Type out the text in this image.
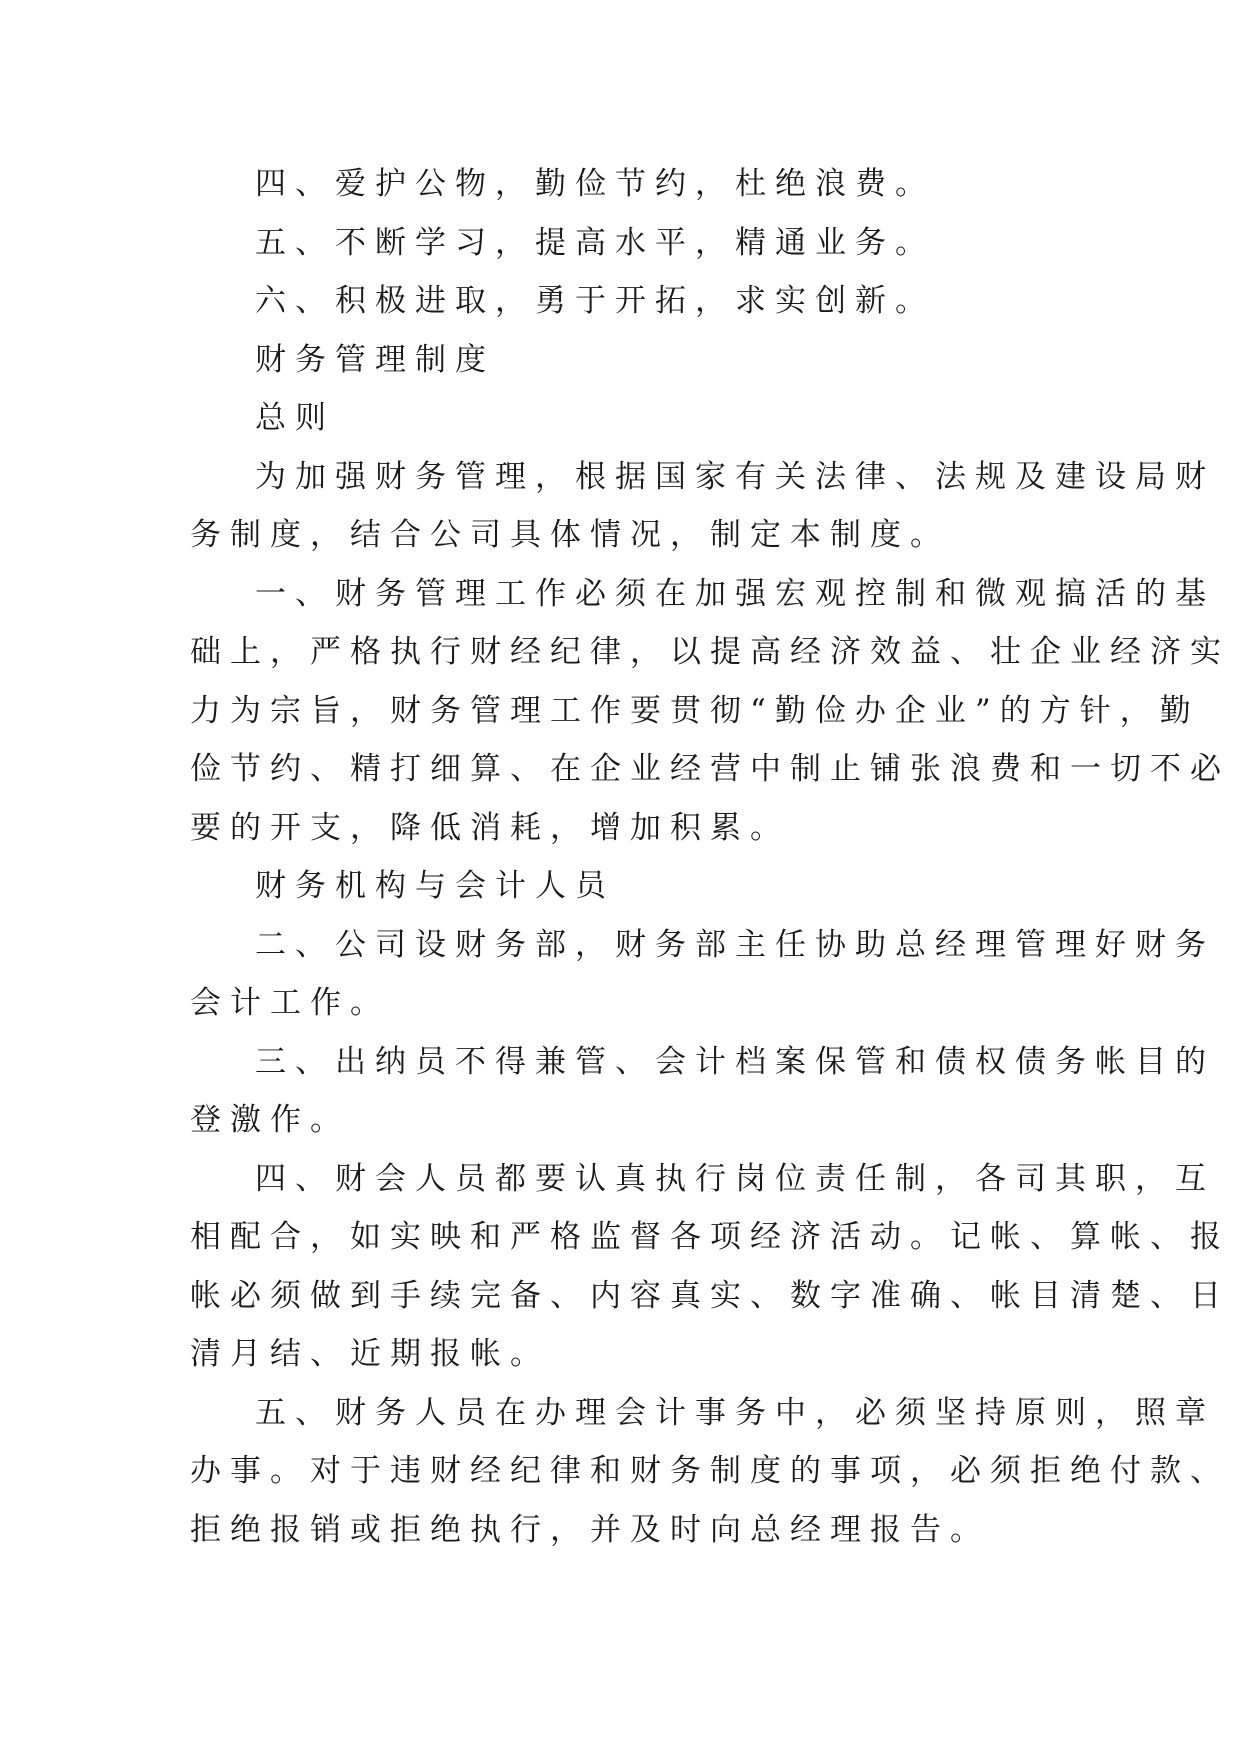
四、爱护公物，勤俭节约，杜绝浪费。
五、不断学习，提高水平，精通业务。
六、积极进取，勇于开拓，求实创新。
财务管理制度
总则
为加强财务管理，根据国家有关法律、法规及建设局财
务制度，结合公司具体情况，制定本制度。
一、财务管理工作必须在加强宏观控制和微观搞活的基
础上，严格执行财经纪律，以提高经济效益、壮企业经济实
力为宗旨，财务管理工作要贯彻“勤俭办企业”的方针，勤
俭节约、精打细算、在企业经营中制止铺张浪费和一切不必
要的开支，降低消耗，增加积累。
财务机构与会计人员
二、公司设财务部，财务部主任协助总经理管理好财务
会计工作。
三、出纳员不得兼管、会计档案保管和债权债务帐目的
登激作。
四、财会人员都要认真执行岗位责任制，各司其职，互
相配合，如实映和严格监督各项经济活动。记帐、算帐、报
帐必须做到手续完备、内容真实、数字准确、帐目清楚、日
清月结、近期报帐。
五、财务人员在办理会计事务中，必须坚持原则，照章
办事。对于违财经纪律和财务制度的事项，必须拒绝付款、
拒绝报销或拒绝执行，并及时向总经理报告。
